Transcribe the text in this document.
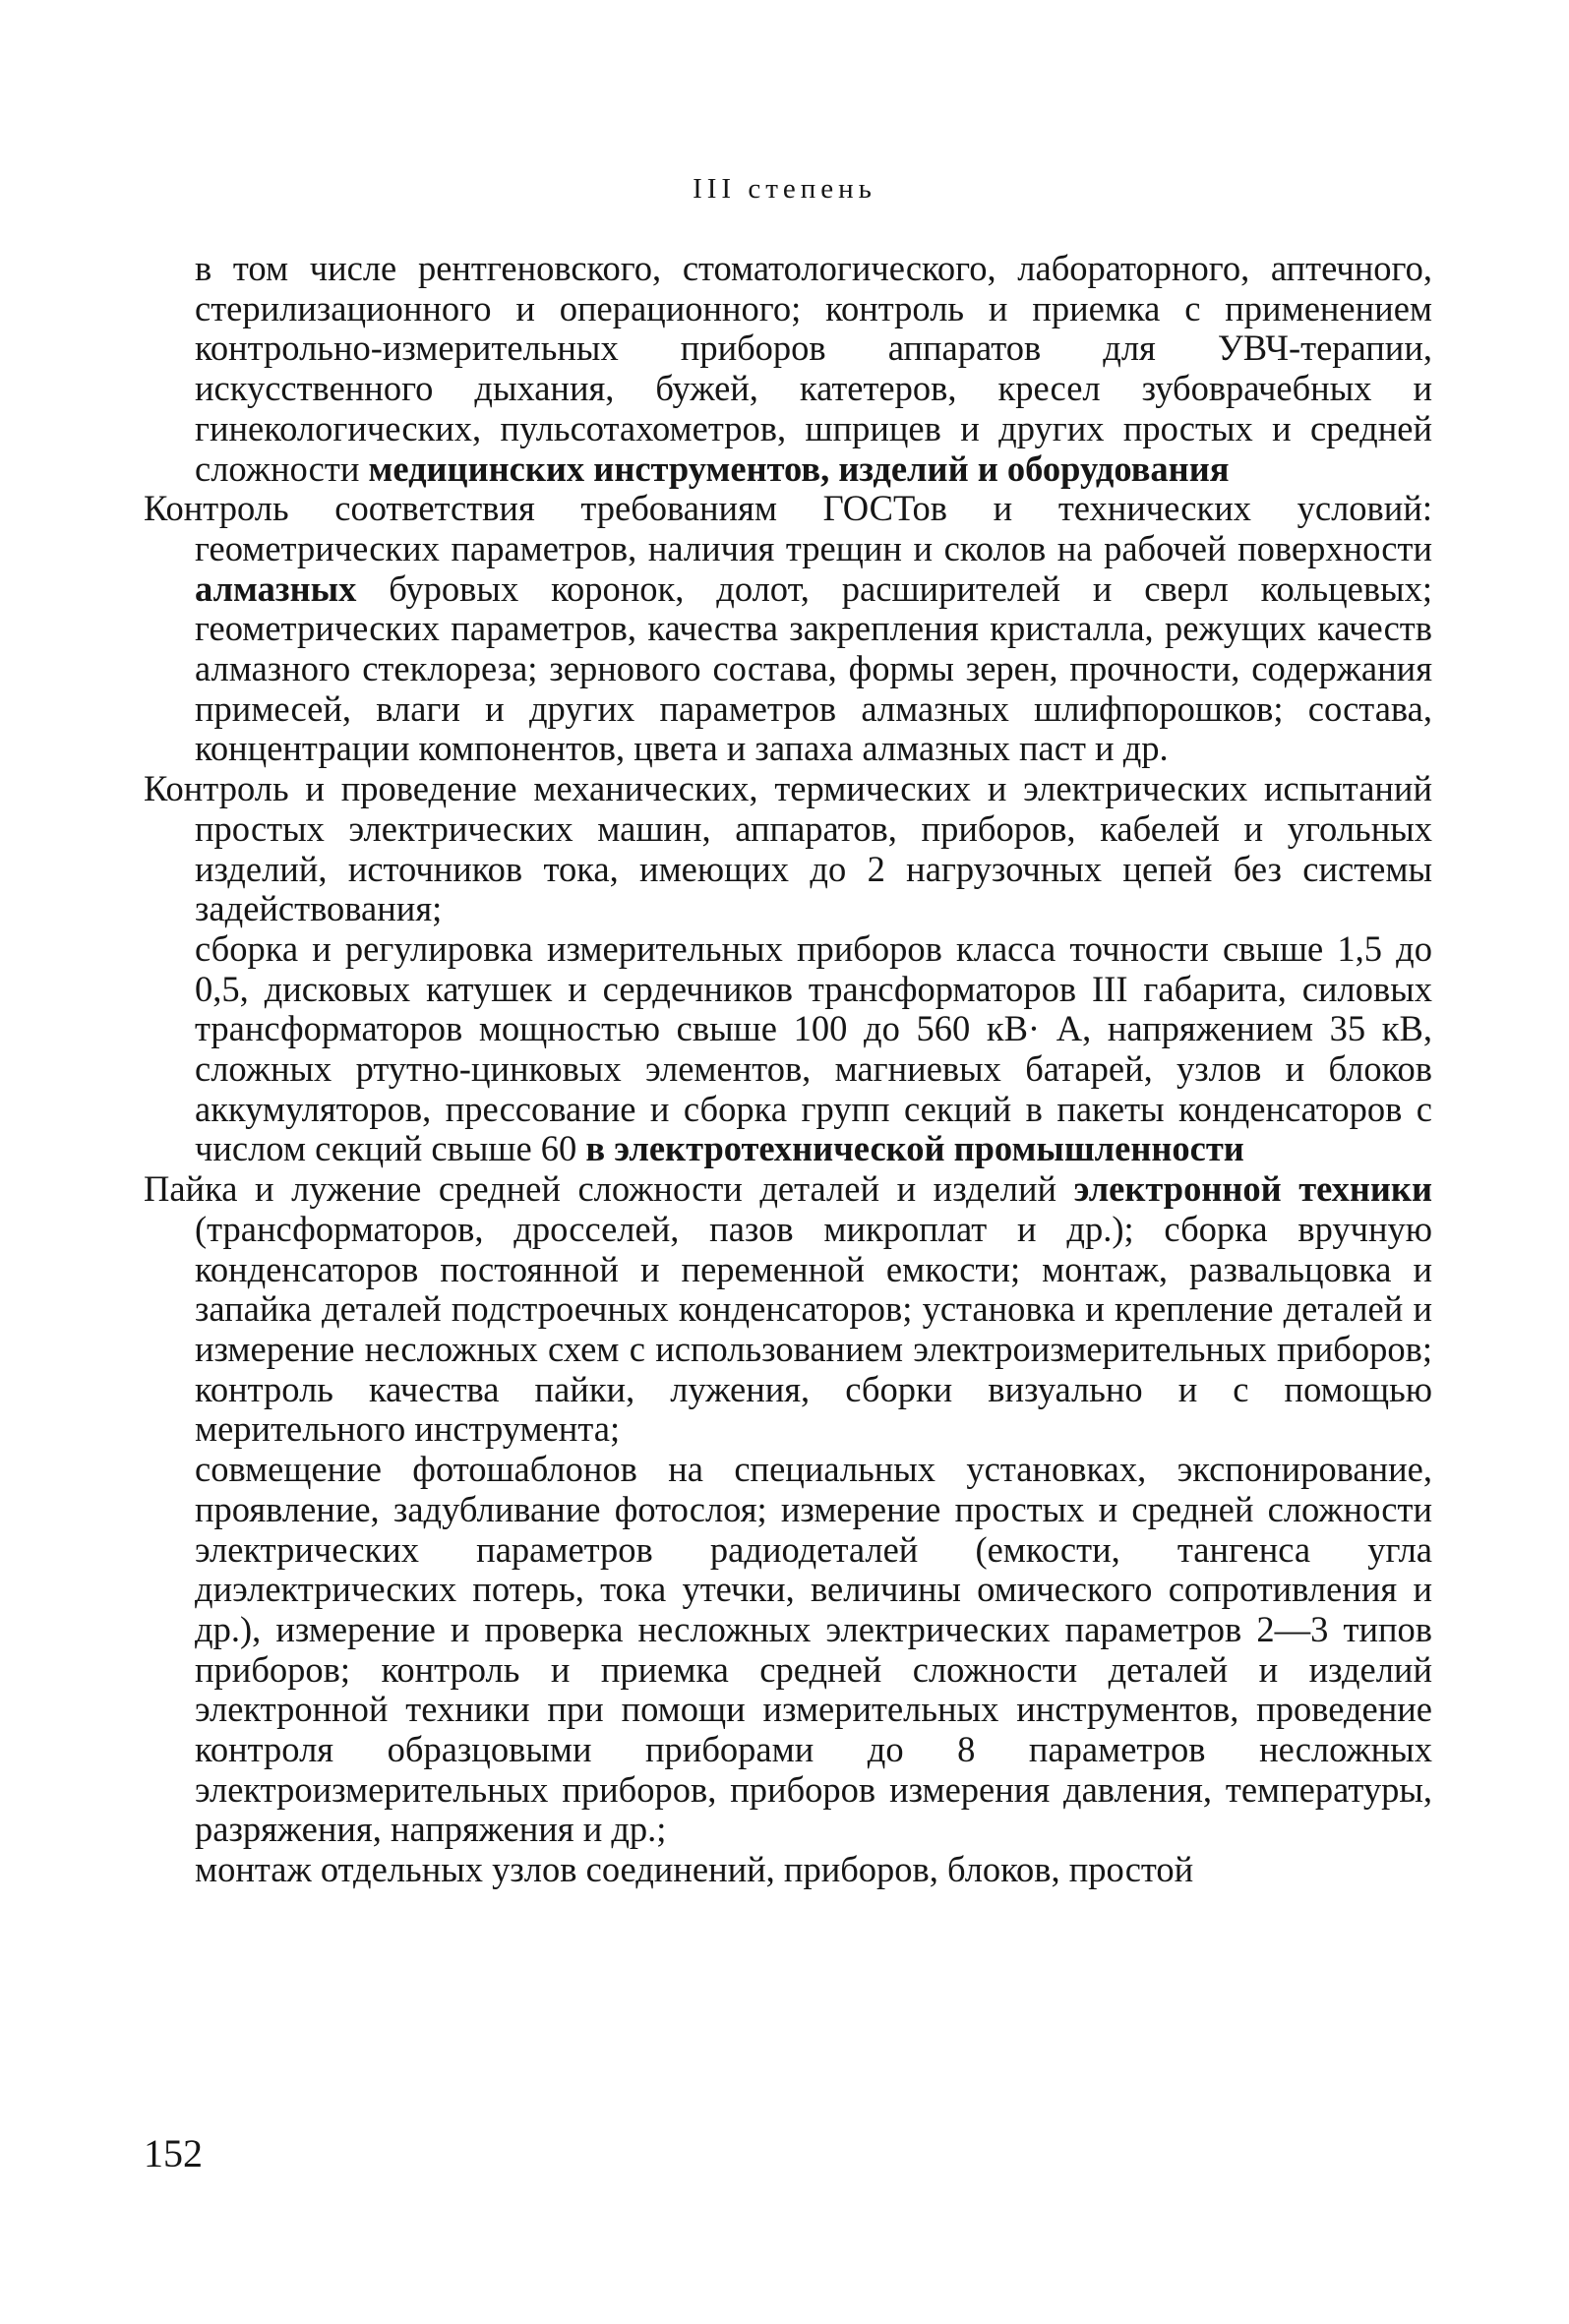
III степень

в том числе рентгеновского, стоматологического, лабораторного, аптечного, стерилизационного и операционного; контроль и приемка с применением контрольно-измерительных приборов аппаратов для УВЧ-терапии, искусственного дыхания, бужей, катетеров, кресел зубоврачебных и гинекологических, пульсотахометров, шприцев и других простых и средней сложности медицинских инструментов, изделий и оборудования

Контроль соответствия требованиям ГОСТов и технических условий: геометрических параметров, наличия трещин и сколов на рабочей поверхности алмазных буровых коронок, долот, расширителей и сверл кольцевых; геометрических параметров, качества закрепления кристалла, режущих качеств алмазного стеклореза; зернового состава, формы зерен, прочности, содержания примесей, влаги и других параметров алмазных шлифпорошков; состава, концентрации компонентов, цвета и запаха алмазных паст и др.

Контроль и проведение механических, термических и электрических испытаний простых электрических машин, аппаратов, приборов, кабелей и угольных изделий, источников тока, имеющих до 2 нагрузочных цепей без системы задействования;

сборка и регулировка измерительных приборов класса точности свыше 1,5 до 0,5, дисковых катушек и сердечников трансформаторов III габарита, силовых трансформаторов мощностью свыше 100 до 560 кВ· А, напряжением 35 кВ, сложных ртутно-цинковых элементов, магниевых батарей, узлов и блоков аккумуляторов, прессование и сборка групп секций в пакеты конденсаторов с числом секций свыше 60 в электротехнической промышленности

Пайка и лужение средней сложности деталей и изделий электронной техники (трансформаторов, дросселей, пазов микроплат и др.); сборка вручную конденсаторов постоянной и переменной емкости; монтаж, развальцовка и запайка деталей подстроечных конденсаторов; установка и крепление деталей и измерение несложных схем с использованием электроизмерительных приборов; контроль качества пайки, лужения, сборки визуально и с помощью мерительного инструмента;

совмещение фотошаблонов на специальных установках, экспонирование, проявление, задубливание фотослоя; измерение простых и средней сложности электрических параметров радиодеталей (емкости, тангенса угла диэлектрических потерь, тока утечки, величины омического сопротивления и др.), измерение и проверка несложных электрических параметров 2—3 типов приборов; контроль и приемка средней сложности деталей и изделий электронной техники при помощи измерительных инструментов, проведение контроля образцовыми приборами до 8 параметров несложных электроизмерительных приборов, приборов измерения давления, температуры, разряжения, напряжения и др.;

монтаж отдельных узлов соединений, приборов, блоков, простой

152
